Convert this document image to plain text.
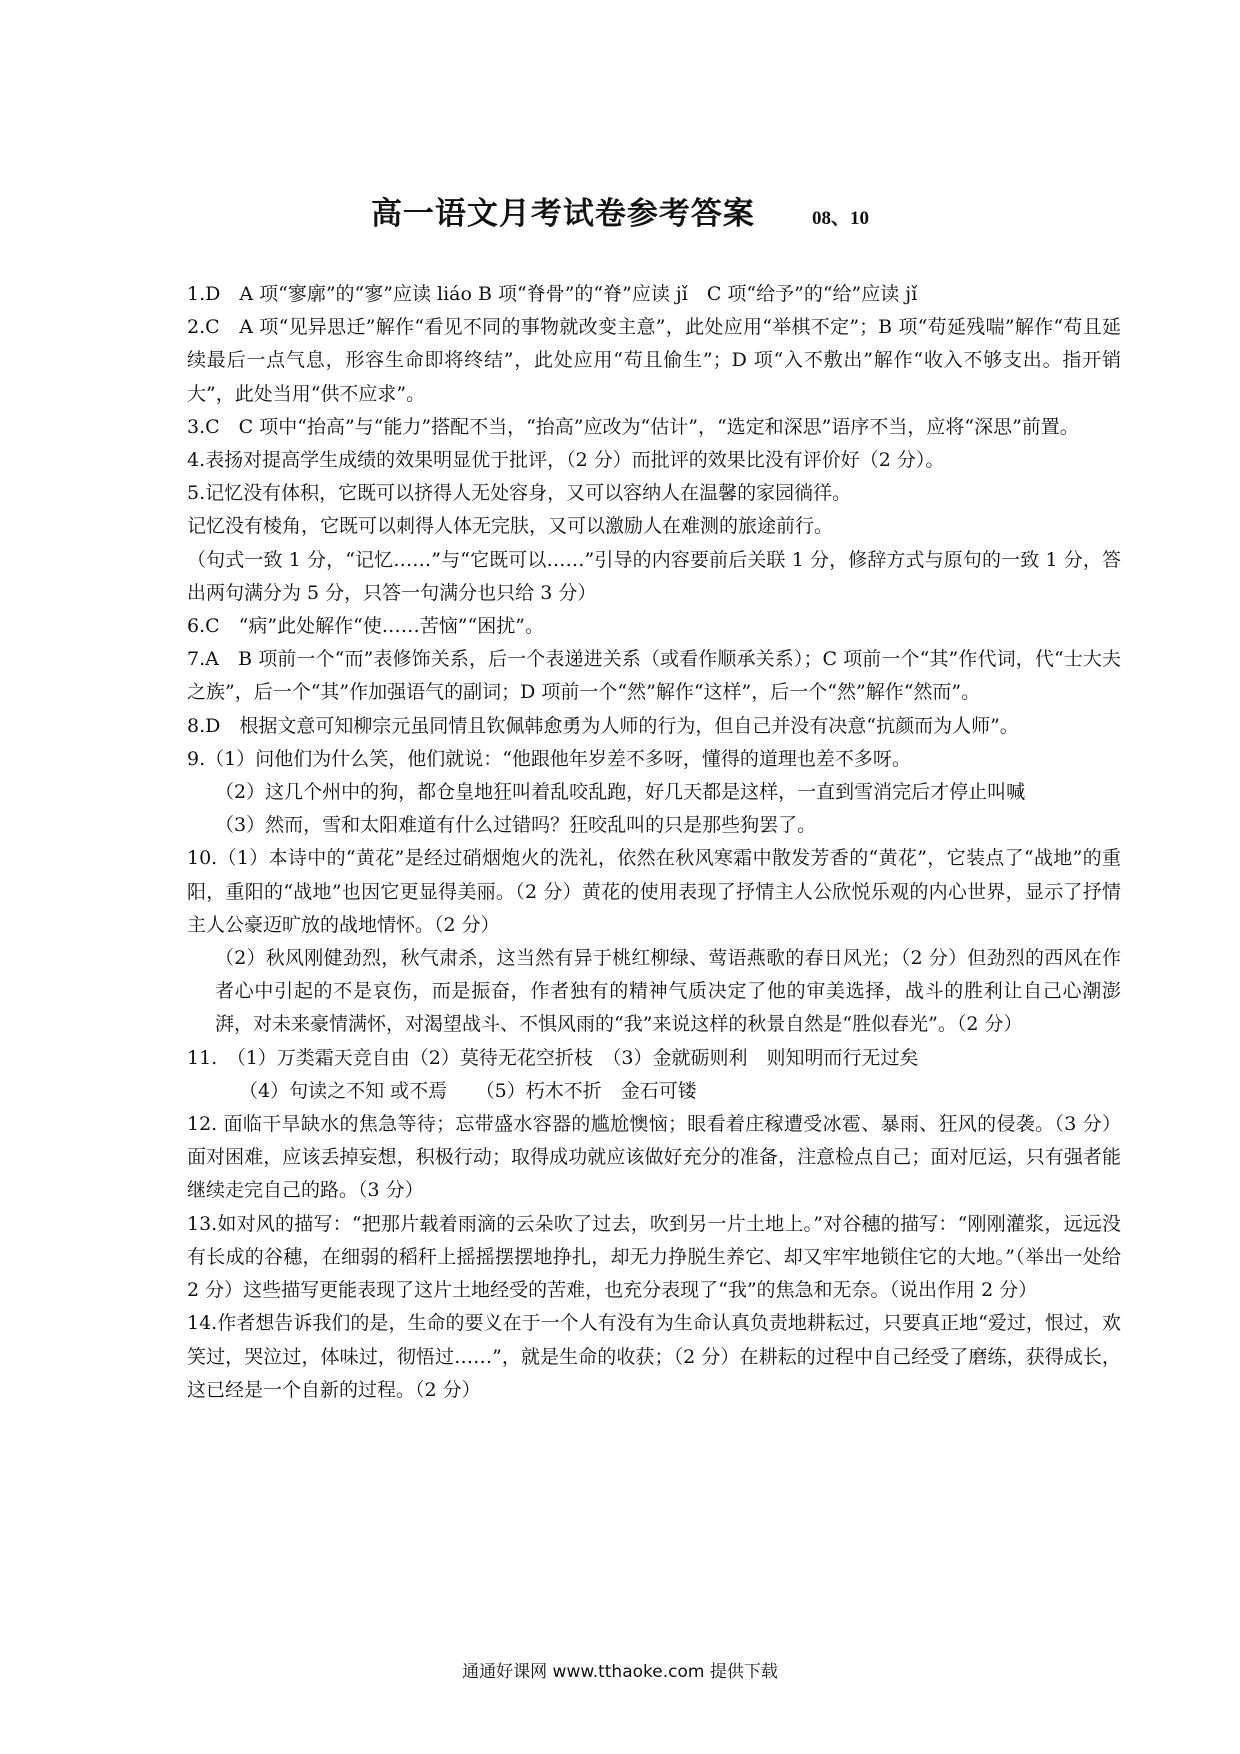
高一语文月考试卷参考答案	08、10

1.D　A 项“寥廓”的“寥”应读 liáo B 项“脊骨”的“脊”应读 jǐ　C 项“给予”的“给”应读 jǐ

2.C　A 项“见异思迁”解作“看见不同的事物就改变主意”，此处应用“举棋不定”；B 项“苟延残喘”解作“苟且延续最后一点气息，形容生命即将终结”，此处应用“苟且偷生”；D 项“入不敷出”解作“收入不够支出。指开销大”，此处当用“供不应求”。

3.C　C 项中“抬高”与“能力”搭配不当，“抬高”应改为“估计”，“选定和深思”语序不当，应将“深思”前置。

4.表扬对提高学生成绩的效果明显优于批评，（2 分）而批评的效果比没有评价好（2 分）。

5.记忆没有体积，它既可以挤得人无处容身，又可以容纳人在温馨的家园徜徉。

记忆没有棱角，它既可以刺得人体无完肤，又可以激励人在难测的旅途前行。

（句式一致 1 分，“记忆……”与“它既可以……”引导的内容要前后关联 1 分，修辞方式与原句的一致 1 分，答出两句满分为 5 分，只答一句满分也只给 3 分）

6.C　“病”此处解作“使……苦恼”“困扰”。

7.A　B 项前一个“而”表修饰关系，后一个表递进关系（或看作顺承关系）；C 项前一个“其”作代词，代“士大夫之族”，后一个“其”作加强语气的副词；D 项前一个“然”解作“这样”，后一个“然”解作“然而”。

8.D　根据文意可知柳宗元虽同情且钦佩韩愈勇为人师的行为，但自己并没有决意“抗颜而为人师”。

9.（1）问他们为什么笑，他们就说：“他跟他年岁差不多呀，懂得的道理也差不多呀。

（2）这几个州中的狗，都仓皇地狂叫着乱咬乱跑，好几天都是这样，一直到雪消完后才停止叫喊

（3）然而，雪和太阳难道有什么过错吗？狂咬乱叫的只是那些狗罢了。

10.（1）本诗中的“黄花”是经过硝烟炮火的洗礼，依然在秋风寒霜中散发芳香的“黄花”，它装点了“战地”的重阳，重阳的“战地”也因它更显得美丽。（2 分）黄花的使用表现了抒情主人公欣悦乐观的内心世界，显示了抒情主人公豪迈旷放的战地情怀。（2 分）

（2）秋风刚健劲烈，秋气肃杀，这当然有异于桃红柳绿、莺语燕歌的春日风光；（2 分）但劲烈的西风在作者心中引起的不是哀伤，而是振奋，作者独有的精神气质决定了他的审美选择，战斗的胜利让自己心潮澎湃，对未来豪情满怀，对渴望战斗、不惧风雨的“我”来说这样的秋景自然是“胜似春光”。（2 分）

11.　（1）万类霜天竞自由（2）莫待无花空折枝　（3）金就砺则利　则知明而行无过矣

（4）句读之不知 或不焉　　（5）朽木不折　金石可镂

12. 面临干旱缺水的焦急等待；忘带盛水容器的尴尬懊恼；眼看着庄稼遭受冰雹、暴雨、狂风的侵袭。（3 分）面对困难，应该丢掉妄想，积极行动；取得成功就应该做好充分的准备，注意检点自己；面对厄运，只有强者能继续走完自己的路。（3 分）

13.如对风的描写：“把那片载着雨滴的云朵吹了过去，吹到另一片土地上。”对谷穗的描写：“刚刚灌浆，远远没有长成的谷穗，在细弱的稻秆上摇摇摆摆地挣扎，却无力挣脱生养它、却又牢牢地锁住它的大地。”（举出一处给 2 分）这些描写更能表现了这片土地经受的苦难，也充分表现了“我”的焦急和无奈。（说出作用 2 分）

14.作者想告诉我们的是，生命的要义在于一个人有没有为生命认真负责地耕耘过，只要真正地“爱过，恨过，欢笑过，哭泣过，体味过，彻悟过……”，就是生命的收获；（2 分）在耕耘的过程中自己经受了磨练，获得成长，这已经是一个自新的过程。（2 分）

通通好课网 www.tthaoke.com 提供下载
